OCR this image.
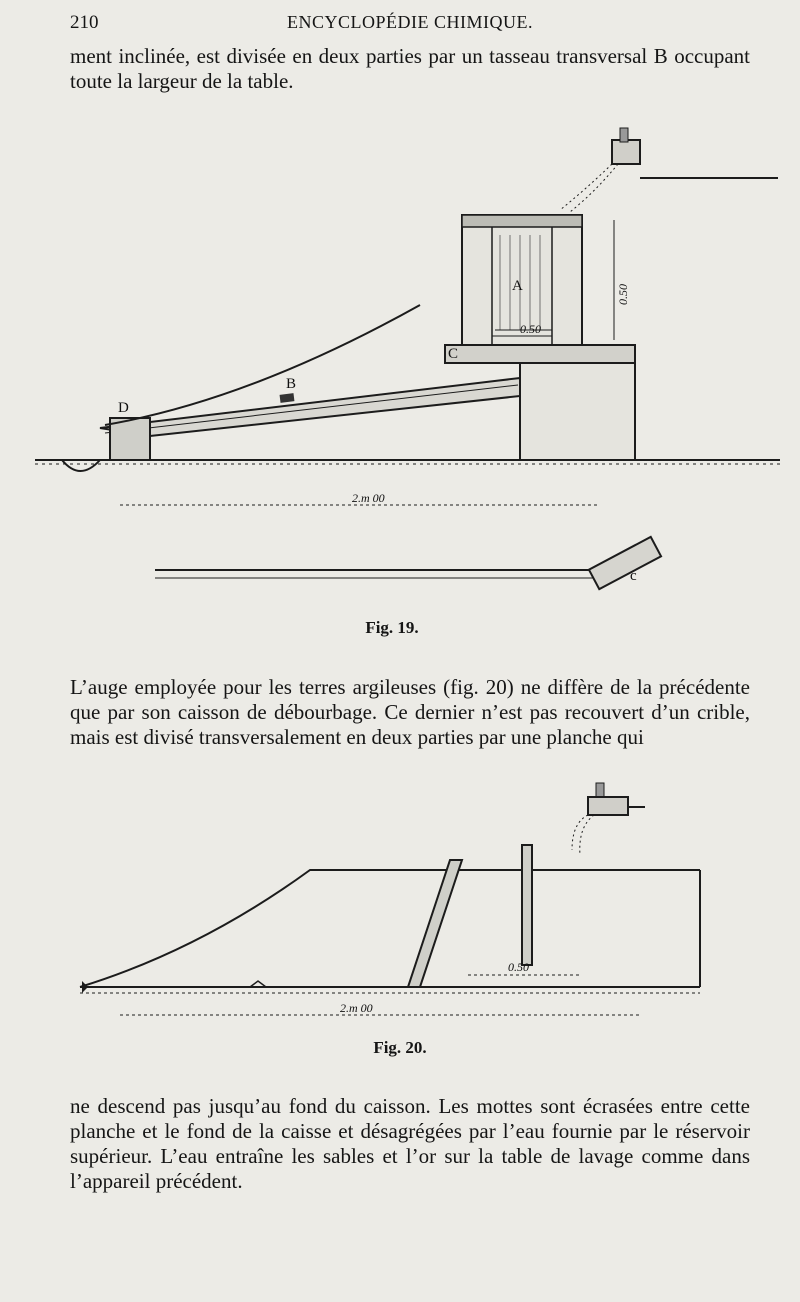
210	ENCYCLOPÉDIE CHIMIQUE.

ment inclinée, est divisée en deux parties par un tasseau transversal B occupant toute la largeur de la table.

0.50
0.50
c
2.m 00
A
B
C
D
Fig. 19.

L’auge employée pour les terres argileuses (fig. 20) ne diffère de la précédente que par son caisson de débourbage. Ce dernier n’est pas recouvert d’un crible, mais est divisé transversalement en deux parties par une planche qui

0.50
2.m 00
Fig. 20.

ne descend pas jusqu’au fond du caisson. Les mottes sont écrasées entre cette planche et le fond de la caisse et désagrégées par l’eau fournie par le réservoir supérieur. L’eau entraîne les sables et l’or sur la table de lavage comme dans l’appareil précédent.
